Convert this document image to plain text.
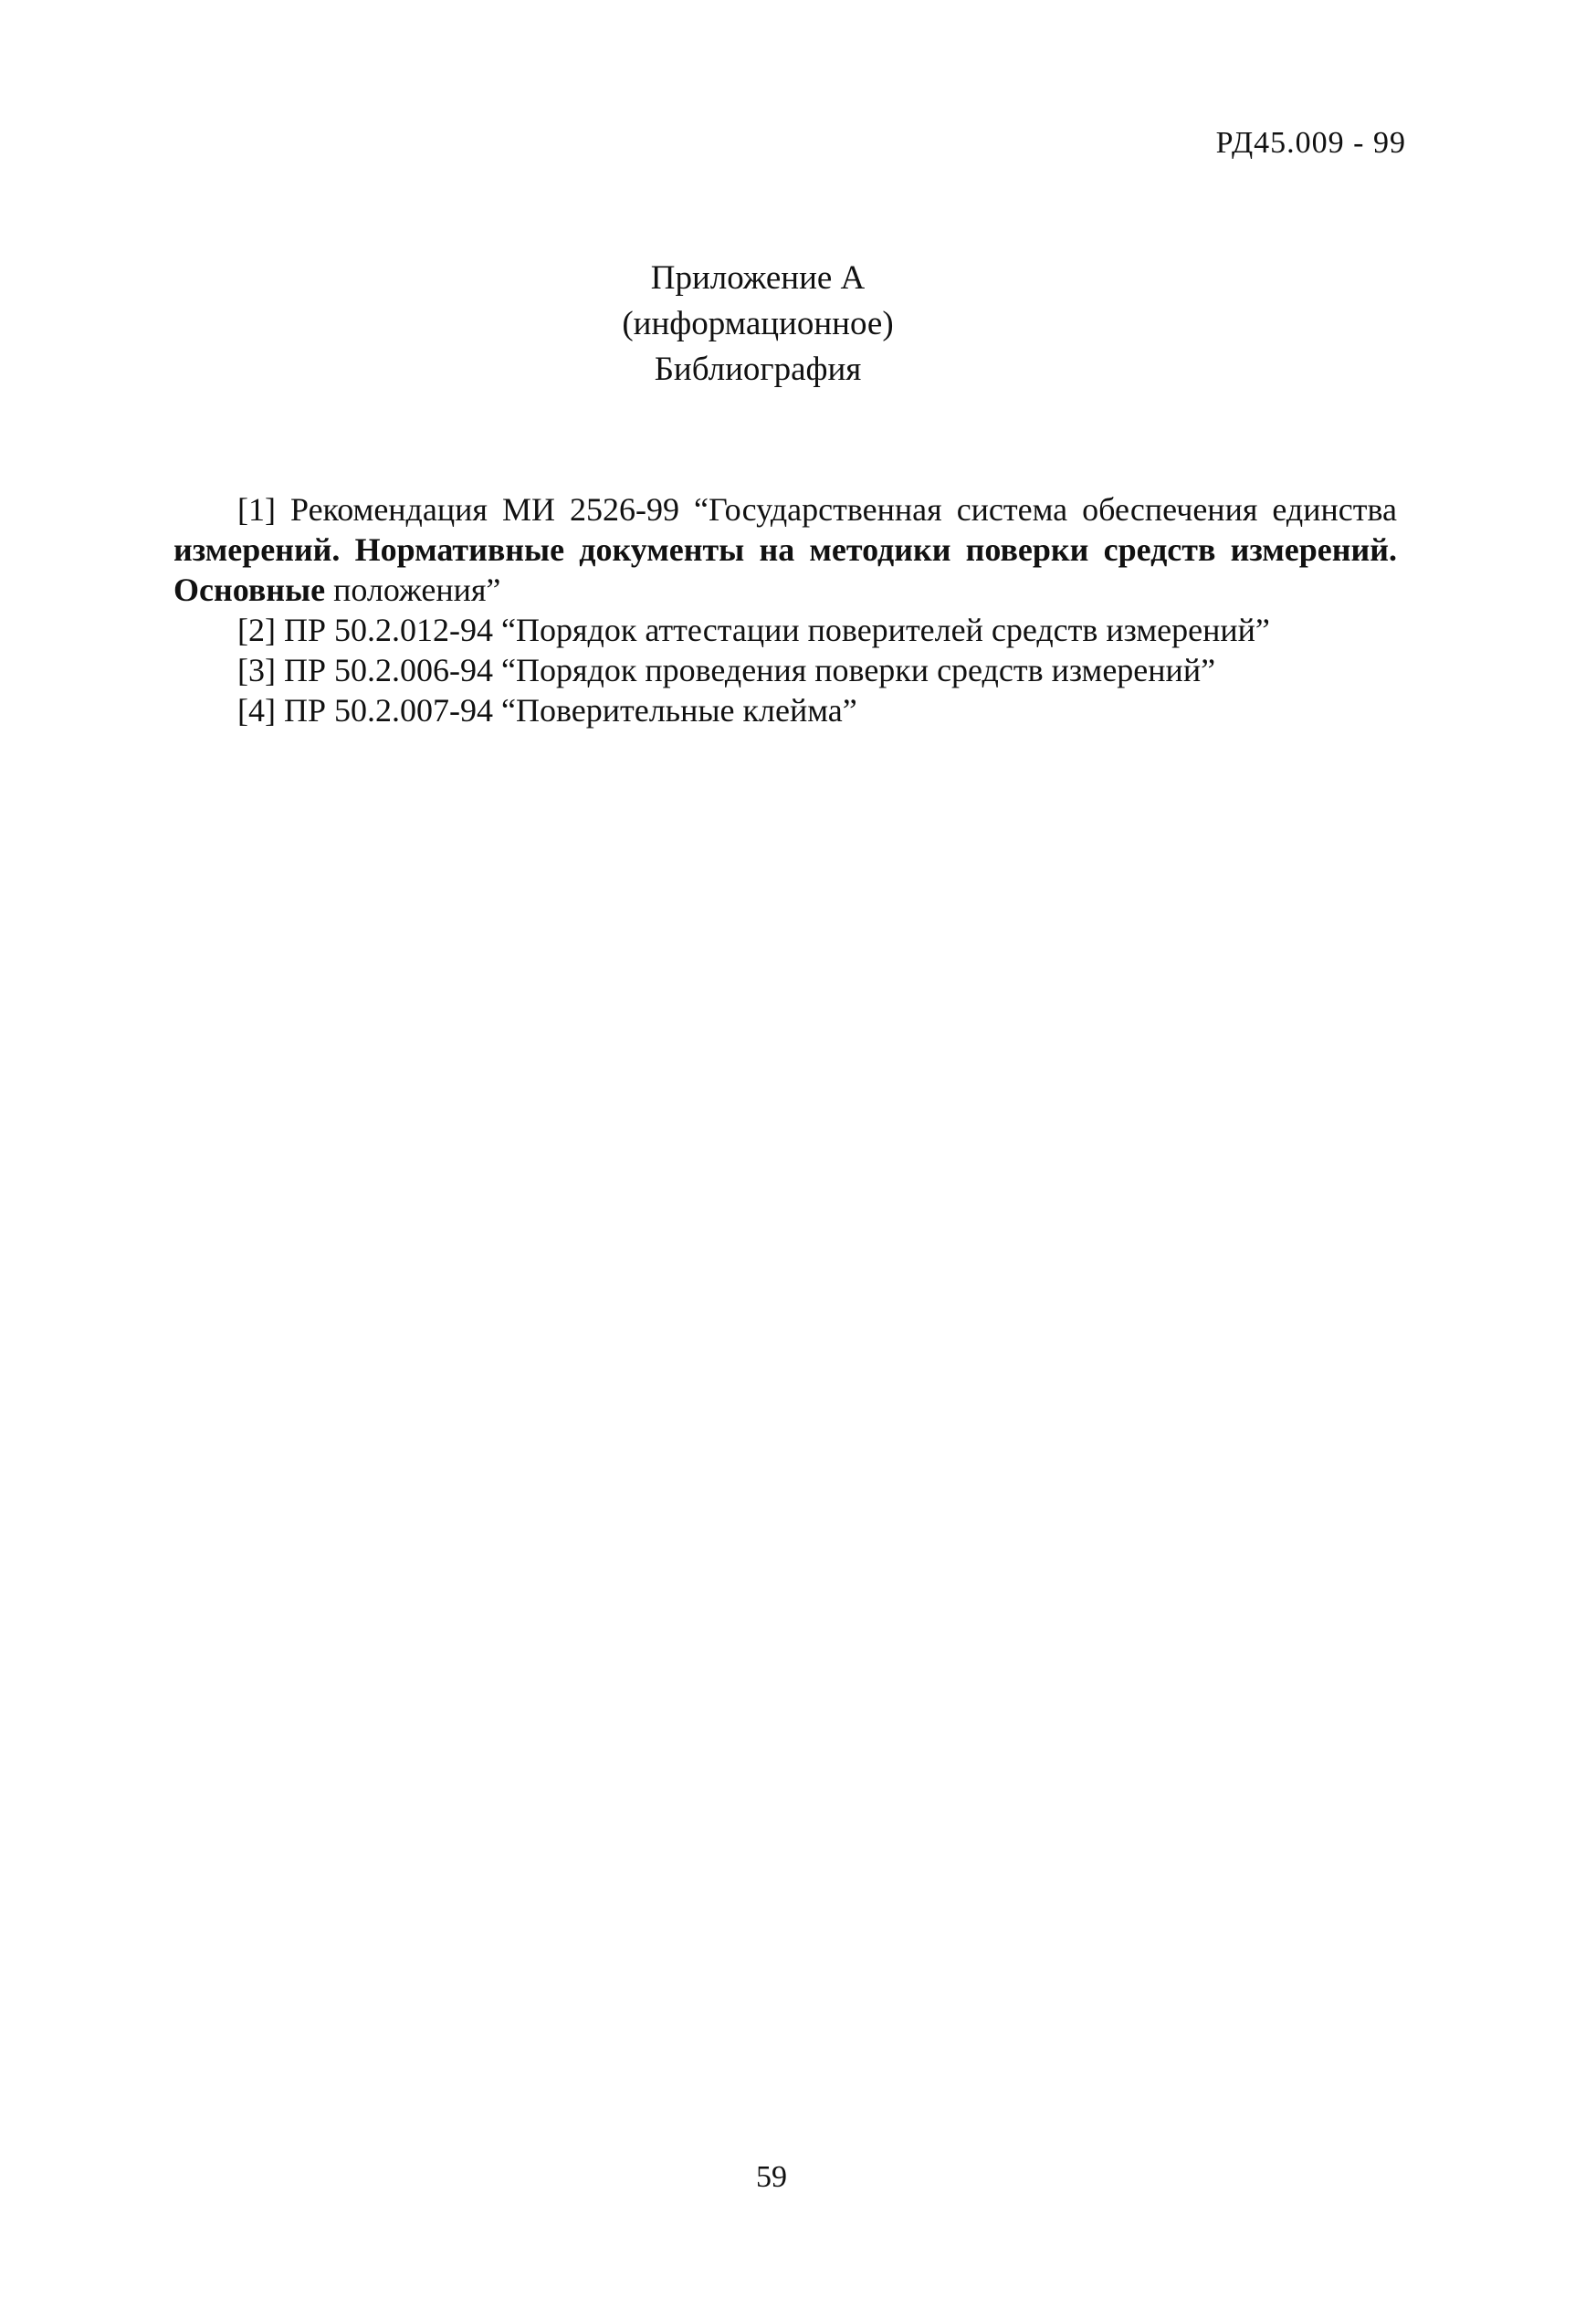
РД45.009 - 99
Приложение А
(информационное)
Библиография

[1] Рекомендация МИ 2526-99 “Государственная система обеспечения единства измерений. Нормативные документы на методики поверки средств измерений. Основные положения”

[2] ПР 50.2.012-94 “Порядок аттестации поверителей средств измерений”

[3] ПР 50.2.006-94 “Порядок проведения поверки средств измерений”

[4] ПР 50.2.007-94 “Поверительные клейма”

59
